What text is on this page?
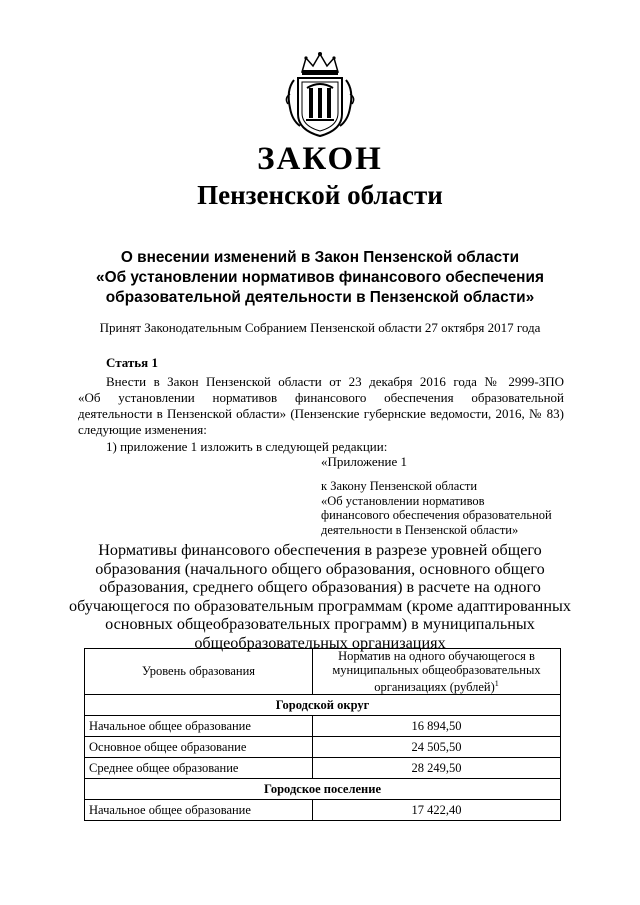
ЗАКОН
Пензенской области
О внесении изменений в Закон Пензенской области
«Об установлении нормативов финансового обеспечения
образовательной деятельности в Пензенской области»
Принят Законодательным Собранием Пензенской области 27 октября 2017 года
Статья 1
Внести в Закон Пензенской области от 23 декабря 2016 года № 2999-ЗПО
«Об установлении нормативов финансового обеспечения образовательной
деятельности в Пензенской области» (Пензенские губернские ведомости, 2016, № 83)
следующие изменения:
1) приложение 1 изложить в следующей редакции:
«Приложение 1
к Закону Пензенской области
«Об установлении нормативов
финансового обеспечения образовательной
деятельности в Пензенской области»
Нормативы финансового обеспечения в разрезе уровней общего
образования (начального общего образования, основного общего
образования, среднего общего образования) в расчете на одного
обучающегося по образовательным программам (кроме адаптированных
основных общеобразовательных программ) в муниципальных
общеобразовательных организациях
Уровень образования	Норматив на одного обучающегося в
муниципальных общеобразовательных
организациях (рублей)$^1$

Городской округ	
Начальное общее образование	16 894,50
Основное общее образование	24 505,50
Среднее общее образование	28 249,50
Городское поселение	
Начальное общее образование	17 422,40
